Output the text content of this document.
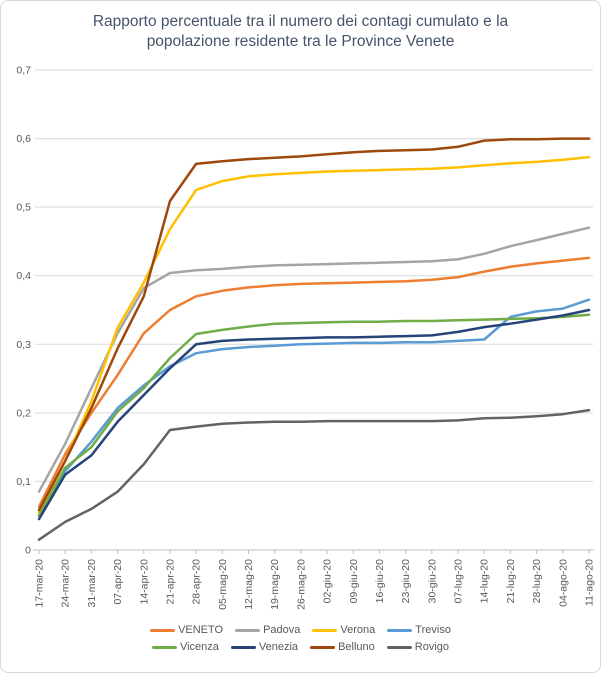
Rapporto percentuale tra il numero dei contagi cumulato e la
popolazione residente tra le Province Venete
0
0,1
0,2
0,3
0,4
0,5
0,6
0,7
17-mar-20 24-mar-20 31-mar-20 07-apr-20 14-apr-20 21-apr-20 28-apr-20 05-mag-20 12-mag-20 19-mag-20 26-mag-20 02-giu-20 09-giu-20 16-giu-20 23-giu-20 30-giu-20 07-lug-20 14-lug-20 21-lug-20 28-lug-20 04-ago-20 11-ago-20
VENETO	Padova	Verona	Treviso
Vicenza	Venezia	Belluno	Rovigo
